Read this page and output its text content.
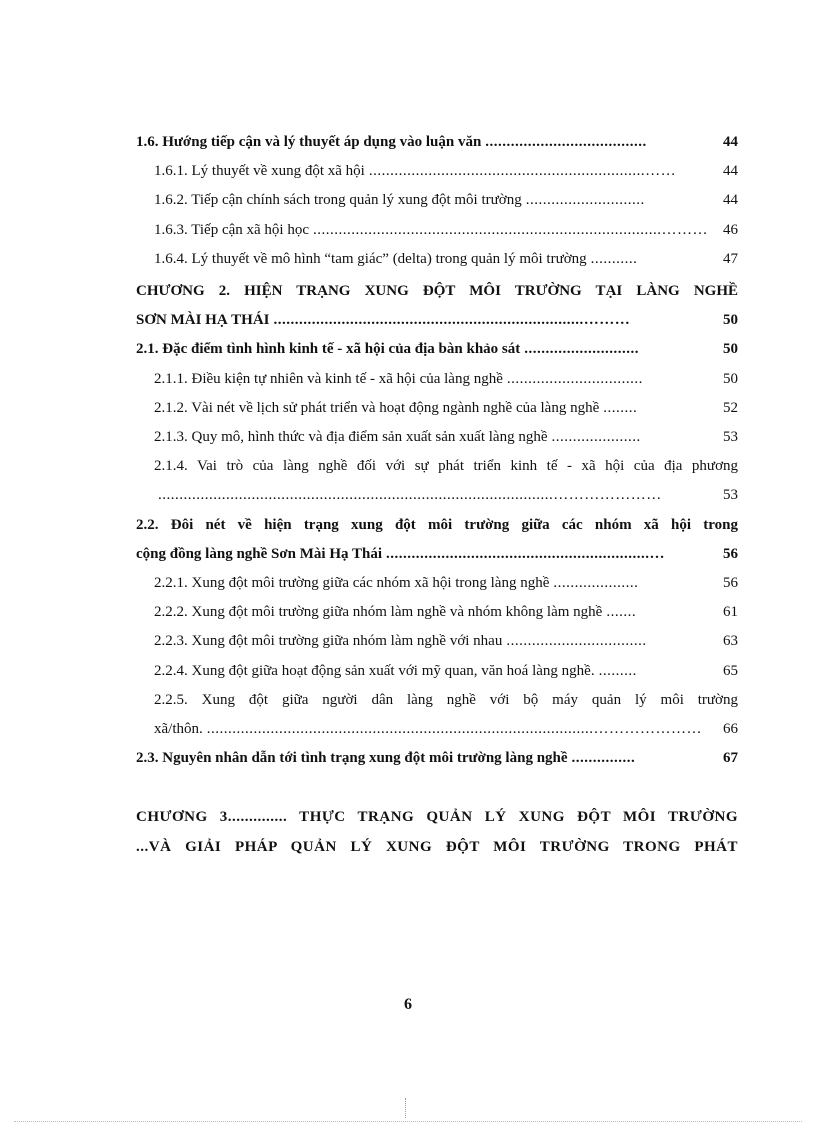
1.6. Hướng tiếp cận và lý thuyết áp dụng vào luận văn ......................................	44
1.6.1. Lý thuyết về xung đột xã hội .................................................................……	44
1.6.2. Tiếp cận chính sách trong quản lý xung đột môi trường ............................	44
1.6.3. Tiếp cận xã hội học ..................................................................................………	46
1.6.4. Lý thuyết về mô hình “tam giác” (delta) trong quản lý môi trường ...........	47
CHƯƠNG 2. HIỆN TRẠNG XUNG ĐỘT MÔI TRƯỜNG TẠI LÀNG NGHỀ
SƠN MÀI HẠ THÁI .........................................................................………	50
2.1. Đặc điểm tình hình kinh tế - xã hội của địa bàn khảo sát ...........................	50
2.1.1. Điều kiện tự nhiên và kinh tế - xã hội của làng nghề ................................	50
2.1.2. Vài nét về lịch sử phát triển và hoạt động ngành nghề của làng nghề ........	52
2.1.3. Quy mô, hình thức và địa điểm sản xuất sản xuất làng nghề .....................	53
2.1.4. Vai trò của làng nghề đối với sự phát triển kinh tế - xã hội của địa phương
.............................................................................................…………………	53
2.2. Đôi nét về hiện trạng xung đột môi trường giữa các nhóm xã hội trong
cộng đồng làng nghề Sơn Mài Hạ Thái ..............................................................…	56
2.2.1. Xung đột môi trường giữa các nhóm xã hội trong làng nghề ....................	56
2.2.2. Xung đột môi trường giữa nhóm làm nghề và nhóm không làm nghề .......	61
2.2.3. Xung đột môi trường giữa nhóm làm nghề với nhau .................................	63
2.2.4. Xung đột giữa hoạt động sản xuất với mỹ quan, văn hoá làng nghề. .........	65
2.2.5. Xung đột giữa người dân làng nghề với bộ máy quản lý môi trường
xã/thôn. ...........................................................................................…………………	66
2.3. Nguyên nhân dẫn tới tình trạng xung đột môi trường làng nghề ...............	67
CHƯƠNG 3.............. THỰC TRẠNG QUẢN LÝ XUNG ĐỘT MÔI TRƯỜNG
...VÀ GIẢI PHÁP QUẢN LÝ XUNG ĐỘT MÔI TRƯỜNG TRONG PHÁT
6
